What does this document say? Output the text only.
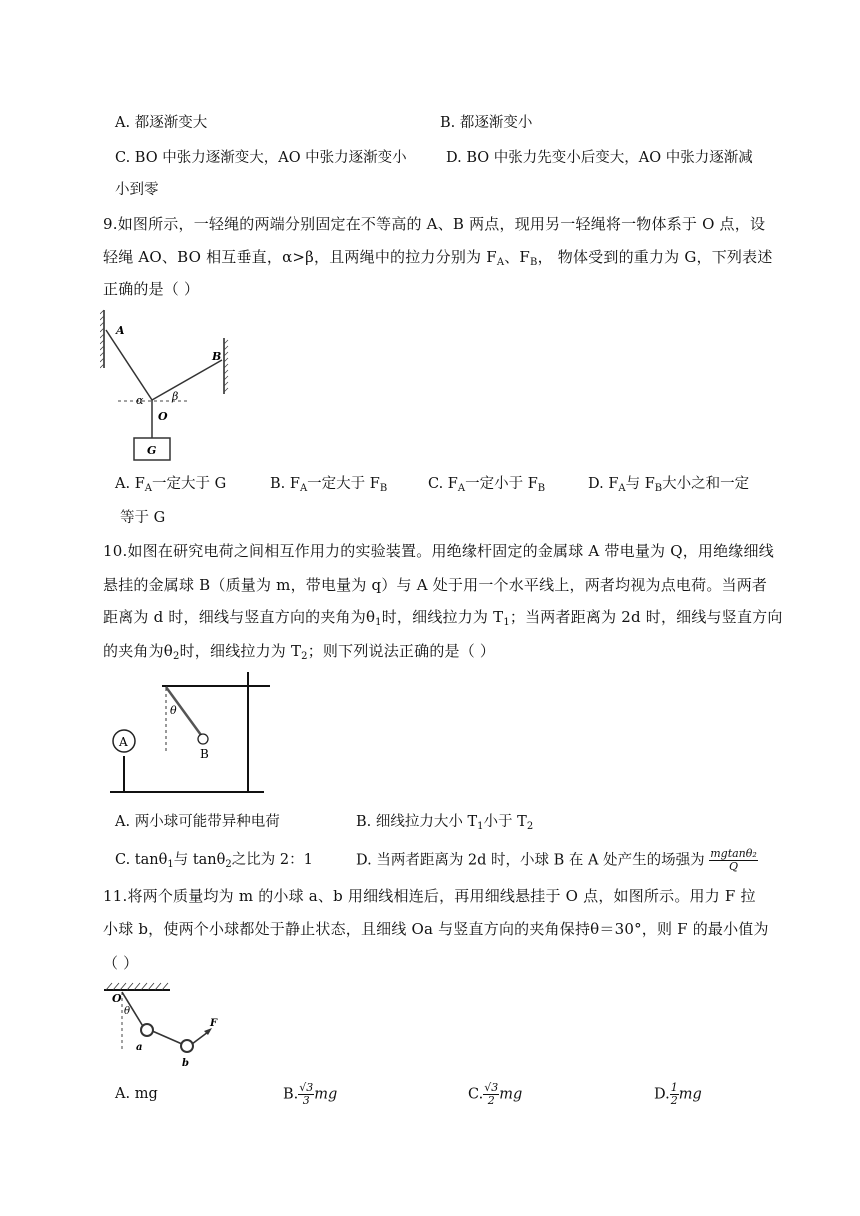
A. 都逐渐变大	B. 都逐渐变小
C. BO 中张力逐渐变大，AO 中张力逐渐变小	D. BO 中张力先变小后变大，AO 中张力逐渐减
小到零
9.如图所示，一轻绳的两端分别固定在不等高的 A、B 两点，现用另一轻绳将一物体系于 O 点，设
轻绳 AO、BO 相互垂直，α>β，且两绳中的拉力分别为 $F_A$、$F_B$， 物体受到的重力为 G，下列表述
正确的是（ ）
A
B
O
α	β
G
A. $F_A$一定大于 G	B. $F_A$一定大于 $F_B$	C. $F_A$一定小于 $F_B$	D. $F_A$与 $F_B$大小之和一定
等于 G
10.如图在研究电荷之间相互作用力的实验装置。用绝缘杆固定的金属球 A 带电量为 Q，用绝缘细线
悬挂的金属球 B（质量为 m，带电量为 q）与 A 处于用一个水平线上，两者均视为点电荷。当两者
距离为 d 时，细线与竖直方向的夹角为$\theta_1$时，细线拉力为 $T_1$；当两者距离为 2d 时，细线与竖直方向
的夹角为$\theta_2$时，细线拉力为 $T_2$；则下列说法正确的是（ ）
A
B
θ
A. 两小球可能带异种电荷	B. 细线拉力大小 $T_1$小于 $T_2$
C. tanθ$_1$与 tanθ$_2$之比为 2：1	D. 当两者距离为 2d 时，小球 B 在 A 处产生的场强为 $\frac{\text{mgtanθ₂}}{Q}$
11.将两个质量均为 m 的小球 a、b 用细线相连后，再用细线悬挂于 O 点，如图所示。用力 F 拉
小球 b，使两个小球都处于静止状态，且细线 Oa 与竖直方向的夹角保持θ＝30°，则 F 的最小值为
（ ）
O
θ
a
b
F
A. mg	B. $\frac{√3}{3}$ mg	C. $\frac{√3}{2}$ mg	D. $\frac{1}{2}$ mg
